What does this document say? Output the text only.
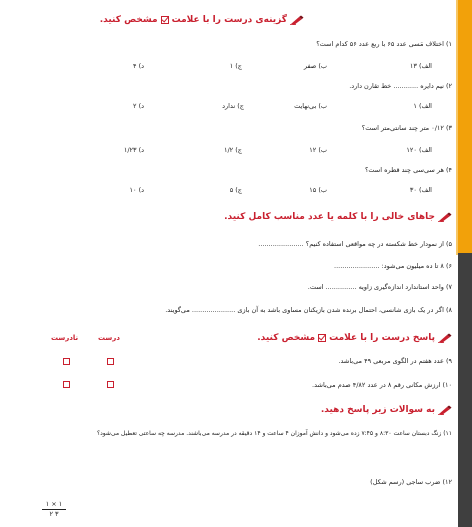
گزینه‌ی درست را با علامت
مشخص کنید.
۱) اختلاف مَسی عدد ۶۵ با ربع عدد ۵۶ کدام است؟
الف) ۱۳
ب) صفر
ج) ۱
د) ۴
۲) نیم دایره ............ خط تقارن دارد.
الف) ۱
ب) بی‌نهایت
ج) ندارد
د) ۲
۳) ۰/۱۲ متر چند سانتی‌متر است؟
الف) ۱۲۰
ب) ۱۲
ج) ۱/۲
د) ۱/۲۳
۴) هر سی‌سی چند قطره است؟
الف) ۳۰
ب) ۱۵
ج) ۵
د) ۱۰
جاهای خالی را با کلمه یا عدد مناسب کامل کنید.
۵) از نمودار خط شکسته در چه مواقعی استفاده کنیم؟ ......................
۶) ۸ تا ده میلیون می‌شود: ......................
۷) واحد استاندارد اندازه‌گیری زاویه ............... است.
۸) اگر در یک بازی شانسی، احتمال برنده شدن بازیکنان مساوی باشد به آن بازی ..................... می‌گویند.
پاسخ درست را با علامت
مشخص کنید.
نادرست	درست
۹) عدد هفتم در الگوی مربعی ۴۹ می‌باشد.
۱۰) ارزش مکانی رقم ۸ در عدد ۴/۸۲ صدم می‌باشد.
به سوالات زیر پاسخ دهید.
۱۱) زنگ دبستان ساعت ۸:۳۰ و ۷:۴۵ زده می‌شود و دانش آموزان ۴ ساعت و ۱۴ دقیقه در مدرسه می‌باشند. مدرسه چه ساعتی تعطیل می‌شود؟
۱۲) ضرب ساجی (رسم شکل)
۱ × ۱
۲ ۳
